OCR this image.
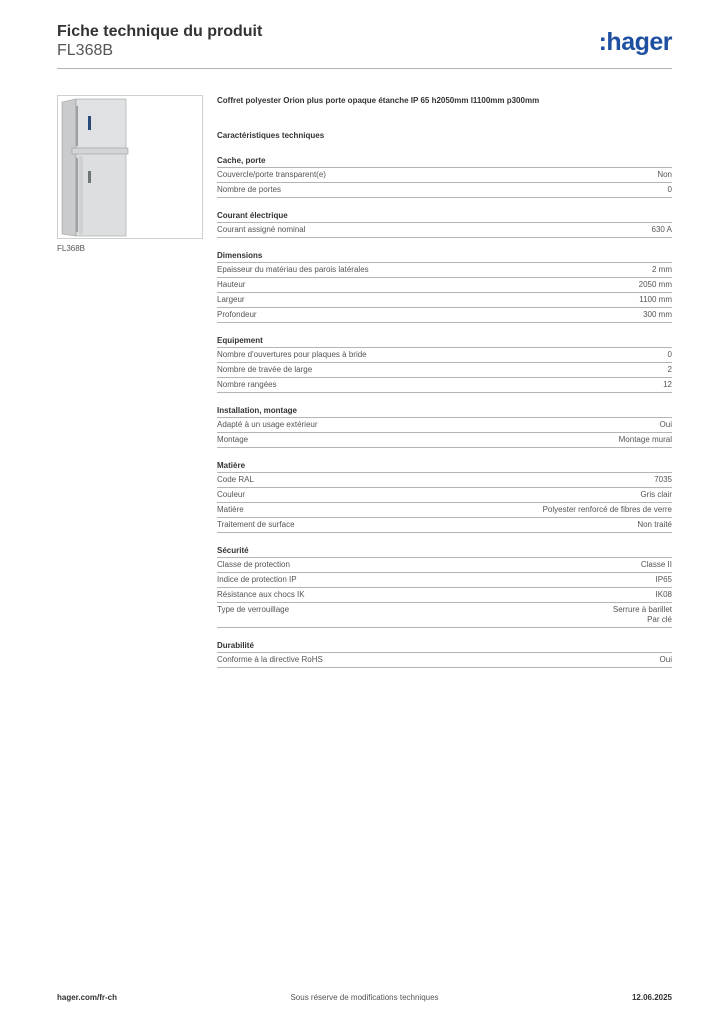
Fiche technique du produit
FL368B	:hager
FL368B
Coffret polyester Orion plus porte opaque étanche IP 65 h2050mm l1100mm p300mm
Caractéristiques techniques
Cache, porte
Couvercle/porte transparent(e)	Non
Nombre de portes	0
Courant électrique
Courant assigné nominal	630 A
Dimensions
Epaisseur du matériau des parois latérales	2 mm
Hauteur	2050 mm
Largeur	1100 mm
Profondeur	300 mm
Equipement
Nombre d'ouvertures pour plaques à bride	0
Nombre de travée de large	2
Nombre rangées	12
Installation, montage
Adapté à un usage extérieur	Oui
Montage	Montage mural
Matière
Code RAL	7035
Couleur	Gris clair
Matière	Polyester renforcé de fibres de verre
Traitement de surface	Non traité
Sécurité
Classe de protection	Classe II
Indice de protection IP	IP65
Résistance aux chocs IK	IK08
Type de verrouillage	Serrure à barillet
Par clé
Durabilité
Conforme à la directive RoHS	Oui
hager.com/fr-ch	Sous réserve de modifications techniques	12.06.2025
